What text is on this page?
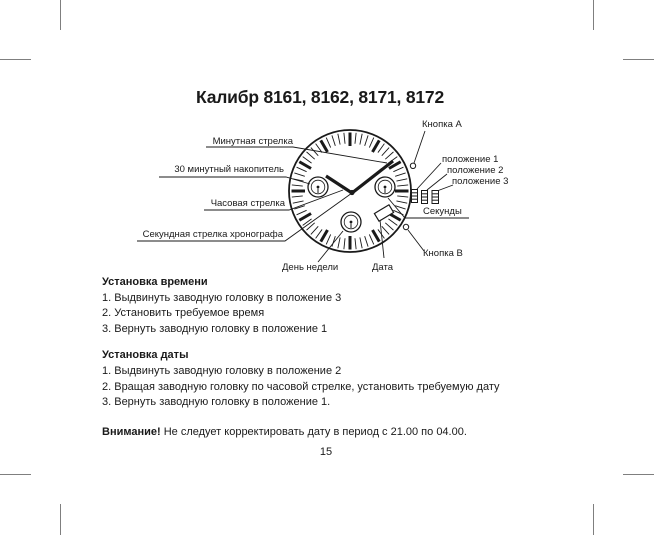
Калибр 8161, 8162, 8171, 8172
Минутная стрелка
30 минутный накопитель
Часовая стрелка
Секундная стрелка хронографа
День недели	Дата
Кнопка A
положение 1
положение 2
положение 3
Секунды
Кнопка B
Установка времени
1. Выдвинуть заводную головку в положение 3
2. Установить требуемое время
3. Вернуть заводную головку в положение 1
Установка даты
1. Выдвинуть заводную головку в положение 2
2. Вращая заводную головку по часовой стрелке, установить требуемую дату
3. Вернуть заводную головку в положение 1.
Внимание! Не следует корректировать дату в период с 21.00 по 04.00.
15
